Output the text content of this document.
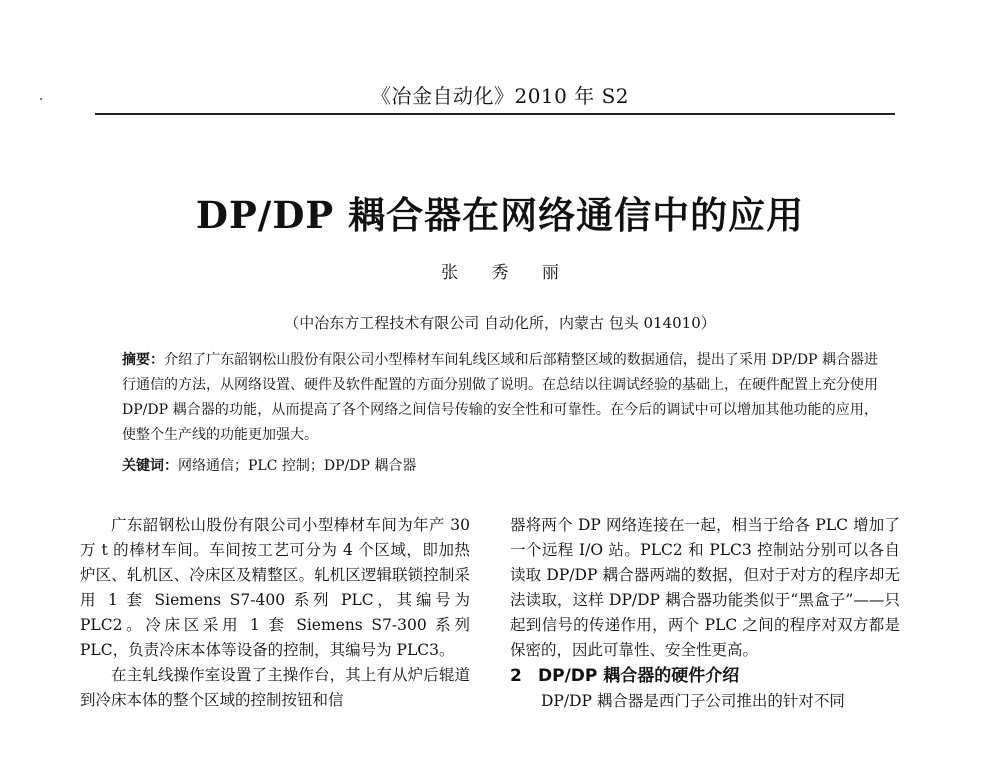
《冶金自动化》2010 年 S2
DP/DP 耦合器在网络通信中的应用
张 秀 丽
（中冶东方工程技术有限公司 自动化所，内蒙古 包头 014010）

摘要：介绍了广东韶钢松山股份有限公司小型棒材车间轧线区域和后部精整区域的数据通信，提出了采用 DP/DP 耦合器进行通信的方法，从网络设置、硬件及软件配置的方面分别做了说明。在总结以往调试经验的基础上，在硬件配置上充分使用 DP/DP 耦合器的功能，从而提高了各个网络之间信号传输的安全性和可靠性。在今后的调试中可以增加其他功能的应用，使整个生产线的功能更加强大。

关键词：网络通信；PLC 控制；DP/DP 耦合器

广东韶钢松山股份有限公司小型棒材车间为年产 30 万 t 的棒材车间。车间按工艺可分为 4 个区域，即加热炉区、轧机区、冷床区及精整区。轧机区逻辑联锁控制采用 1 套 Siemens S7-400 系列 PLC，其编号为 PLC2。冷床区采用 1 套 Siemens S7-300 系列 PLC，负责冷床本体等设备的控制，其编号为 PLC3。

在主轧线操作室设置了主操作台，其上有从炉后辊道到冷床本体的整个区域的控制按钮和信

器将两个 DP 网络连接在一起，相当于给各 PLC 增加了一个远程 I/O 站。PLC2 和 PLC3 控制站分别可以各自读取 DP/DP 耦合器两端的数据，但对于对方的程序却无法读取，这样 DP/DP 耦合器功能类似于“黑盒子”——只起到信号的传递作用，两个 PLC 之间的程序对双方都是保密的，因此可靠性、安全性更高。

2 DP/DP 耦合器的硬件介绍

DP/DP 耦合器是西门子公司推出的针对不同
